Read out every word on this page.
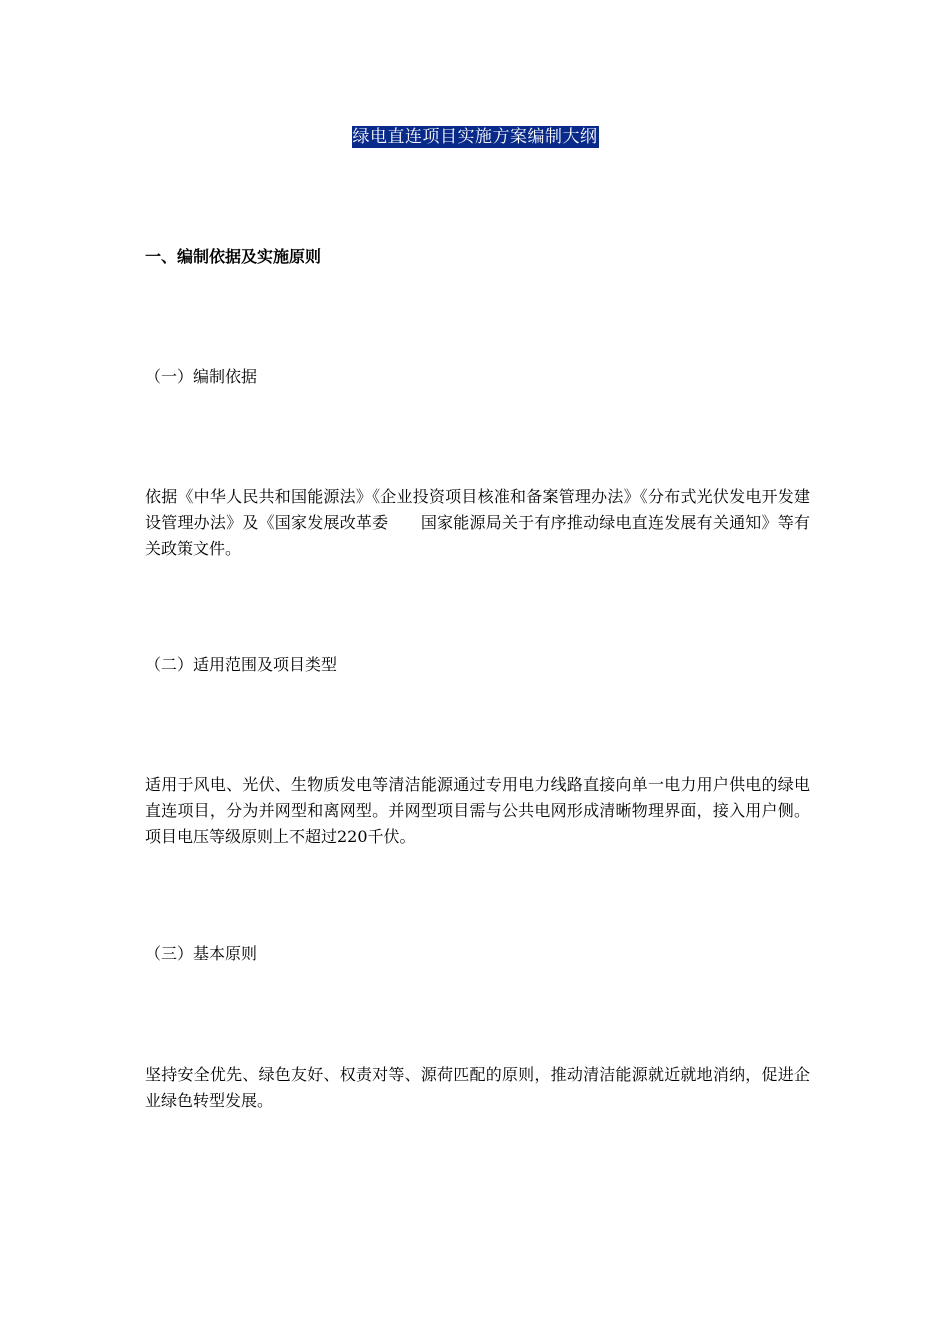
绿电直连项目实施方案编制大纲
一、编制依据及实施原则
（一）编制依据
依据《中华人民共和国能源法》《企业投资项目核准和备案管理办法》《分布式光伏发电开发建设管理办法》及《国家发展改革委　　国家能源局关于有序推动绿电直连发展有关通知》等有关政策文件。
（二）适用范围及项目类型
适用于风电、光伏、生物质发电等清洁能源通过专用电力线路直接向单一电力用户供电的绿电直连项目，分为并网型和离网型。并网型项目需与公共电网形成清晰物理界面，接入用户侧。项目电压等级原则上不超过220千伏。
（三）基本原则
坚持安全优先、绿色友好、权责对等、源荷匹配的原则，推动清洁能源就近就地消纳，促进企业绿色转型发展。
